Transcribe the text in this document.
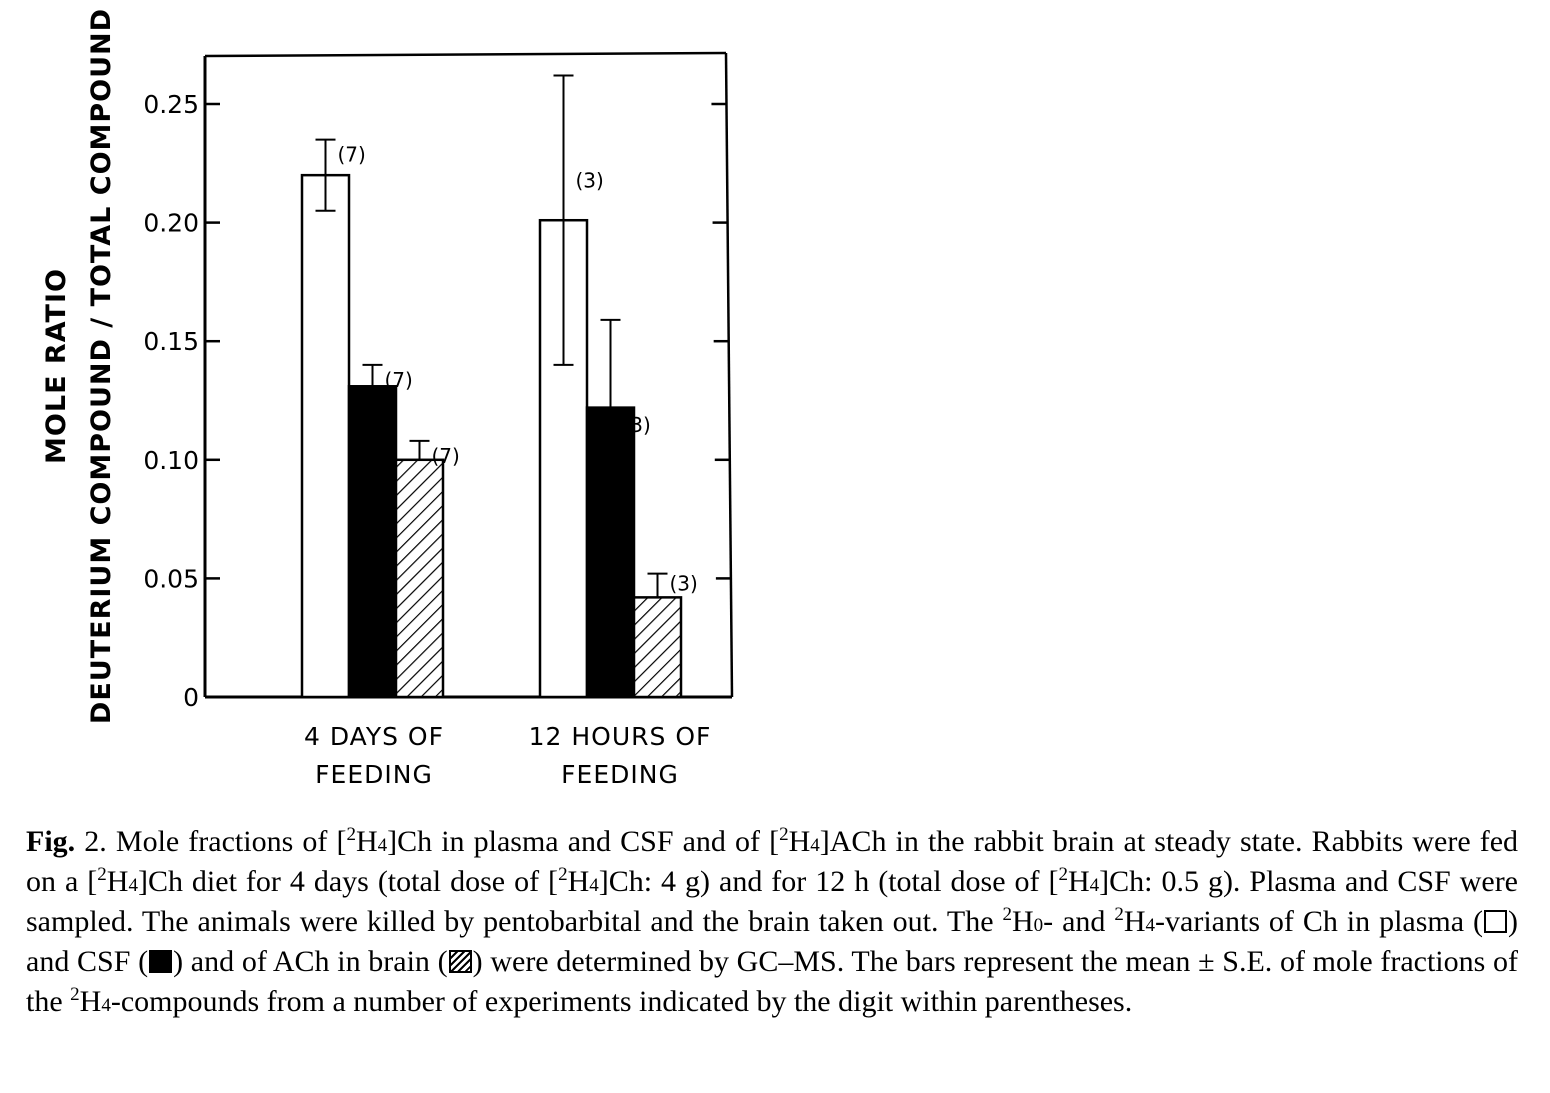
0
0.05
0.10
0.15
0.20
0.25
(7)
(7)
(7)
(3)
(3)
(3)
4 DAYS OF
FEEDING
12 HOURS OF
FEEDING
MOLE RATIO DEUTERIUM COMPOUND / TOTAL COMPOUND
Fig. 2. Mole fractions of [$^2$H4]Ch in plasma and CSF and of [$^2$H4]ACh in the rabbit brain at steady state. Rabbits were fed on a [$^2$H4]Ch diet for 4 days (total dose of [$^2$H4]Ch: 4 g) and for 12 h (total dose of [$^2$H4]Ch: 0.5 g). Plasma and CSF were sampled. The animals were killed by pentobarbital and the brain taken out. The $^2$H0- and $^2$H4-variants of Ch in plasma ( ) and CSF ( ) and of ACh in brain ( ) were determined by GC–MS. The bars represent the mean ± S.E. of mole fractions of the $^2$H4-compounds from a number of experiments indicated by the digit within parentheses.
